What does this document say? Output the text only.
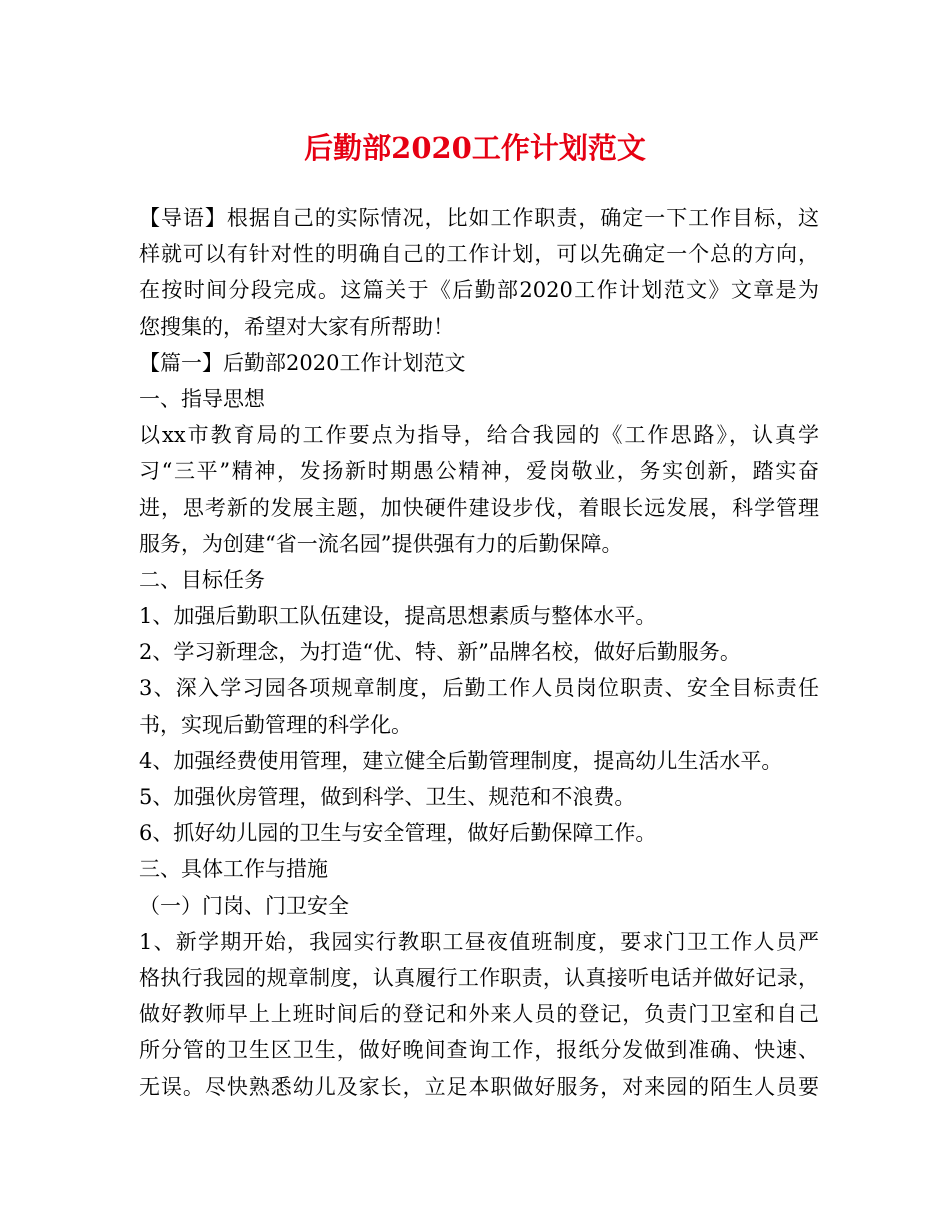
后勤部2020工作计划范文
【导语】根据自己的实际情况，比如工作职责，确定一下工作目标，这
样就可以有针对性的明确自己的工作计划，可以先确定一个总的方向，
在按时间分段完成。这篇关于《后勤部2020工作计划范文》文章是为
您搜集的，希望对大家有所帮助！
【篇一】后勤部2020工作计划范文
一、指导思想
以xx市教育局的工作要点为指导，给合我园的《工作思路》，认真学
习“三平”精神，发扬新时期愚公精神，爱岗敬业，务实创新，踏实奋
进，思考新的发展主题，加快硬件建设步伐，着眼长远发展，科学管理
服务，为创建“省一流名园”提供强有力的后勤保障。
二、目标任务
1、加强后勤职工队伍建设，提高思想素质与整体水平。
2、学习新理念，为打造“优、特、新”品牌名校，做好后勤服务。
3、深入学习园各项规章制度，后勤工作人员岗位职责、安全目标责任
书，实现后勤管理的科学化。
4、加强经费使用管理，建立健全后勤管理制度，提高幼儿生活水平。
5、加强伙房管理，做到科学、卫生、规范和不浪费。
6、抓好幼儿园的卫生与安全管理，做好后勤保障工作。
三、具体工作与措施
（一）门岗、门卫安全
1、新学期开始，我园实行教职工昼夜值班制度，要求门卫工作人员严
格执行我园的规章制度，认真履行工作职责，认真接听电话并做好记录，
做好教师早上上班时间后的登记和外来人员的登记，负责门卫室和自己
所分管的卫生区卫生，做好晚间查询工作，报纸分发做到准确、快速、
无误。尽快熟悉幼儿及家长，立足本职做好服务，对来园的陌生人员要
